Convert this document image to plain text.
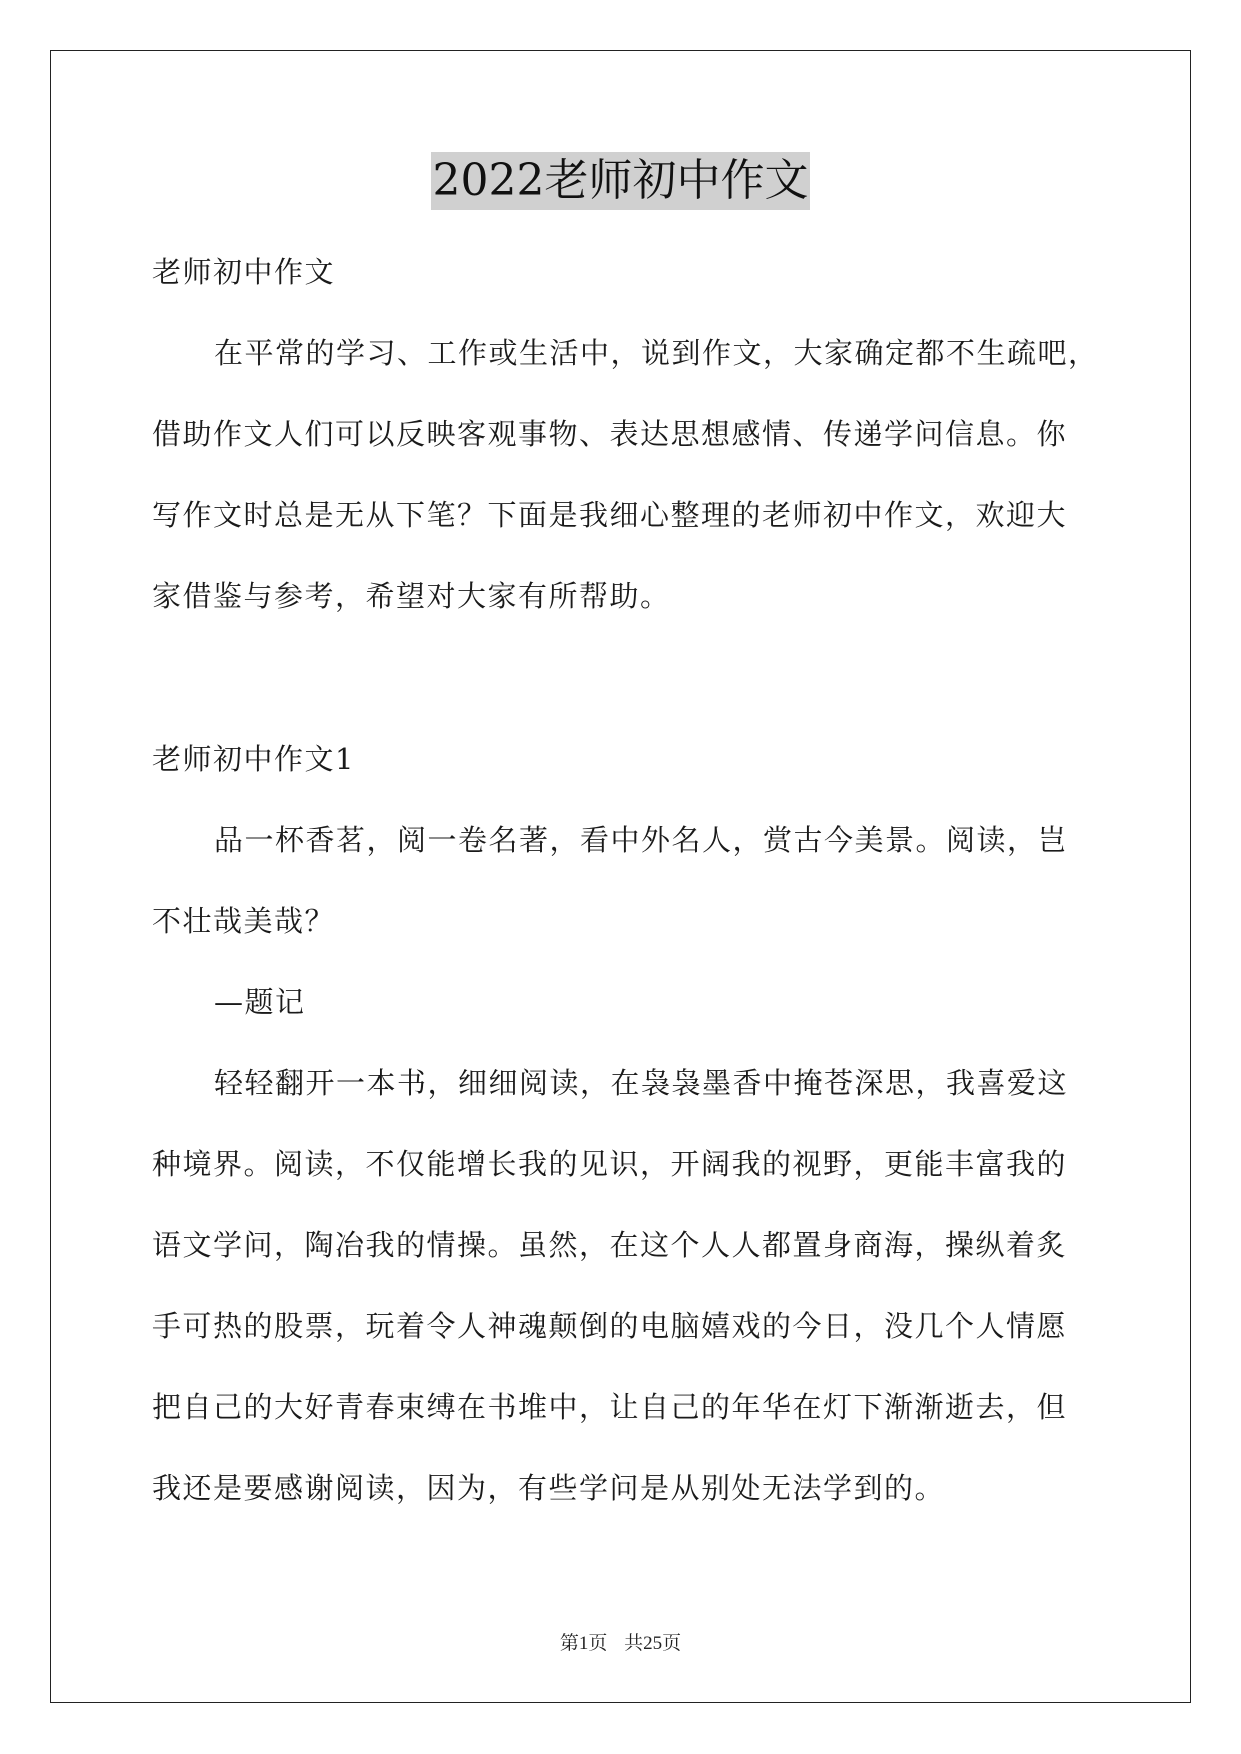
2022老师初中作文
老师初中作文
在平常的学习、工作或生活中，说到作文，大家确定都不生疏吧，
借助作文人们可以反映客观事物、表达思想感情、传递学问信息。你
写作文时总是无从下笔？下面是我细心整理的老师初中作文，欢迎大
家借鉴与参考，希望对大家有所帮助。
老师初中作文1
品一杯香茗，阅一卷名著，看中外名人，赏古今美景。阅读，岂
不壮哉美哉？
—题记
轻轻翻开一本书，细细阅读，在袅袅墨香中掩苍深思，我喜爱这
种境界。阅读，不仅能增长我的见识，开阔我的视野，更能丰富我的
语文学问，陶冶我的情操。虽然，在这个人人都置身商海，操纵着炙
手可热的股票，玩着令人神魂颠倒的电脑嬉戏的今日，没几个人情愿
把自己的大好青春束缚在书堆中，让自己的年华在灯下渐渐逝去，但
我还是要感谢阅读，因为，有些学问是从别处无法学到的。
第1页 共25页
